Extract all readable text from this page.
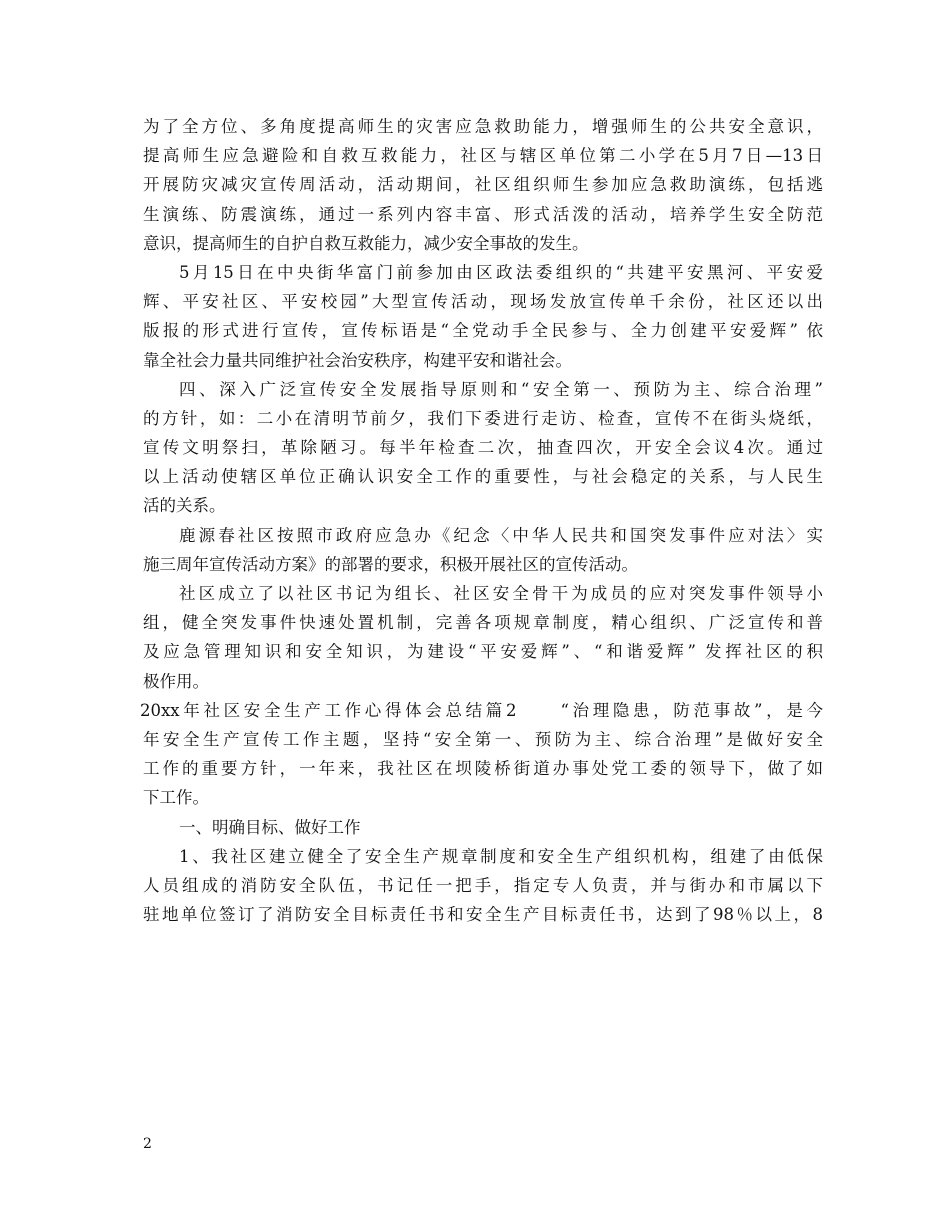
为了全方位、多角度提高师生的灾害应急救助能力，增强师生的公共安全意识，
提高师生应急避险和自救互救能力，社区与辖区单位第二小学在5月7日—13日
开展防灾减灾宣传周活动，活动期间，社区组织师生参加应急救助演练，包括逃
生演练、防震演练，通过一系列内容丰富、形式活泼的活动，培养学生安全防范
意识，提高师生的自护自救互救能力，减少安全事故的发生。
5月15日在中央街华富门前参加由区政法委组织的“共建平安黑河、平安爱
辉、平安社区、平安校园”大型宣传活动，现场发放宣传单千余份，社区还以出
版报的形式进行宣传，宣传标语是“全党动手全民参与、全力创建平安爱辉” 依
靠全社会力量共同维护社会治安秩序，构建平安和谐社会。
四、深入广泛宣传安全发展指导原则和“安全第一、预防为主、综合治理”
的方针，如：二小在清明节前夕，我们下委进行走访、检查，宣传不在街头烧纸，
宣传文明祭扫，革除陋习。每半年检查二次，抽查四次，开安全会议4次。通过
以上活动使辖区单位正确认识安全工作的重要性，与社会稳定的关系，与人民生
活的关系。
鹿源春社区按照市政府应急办《纪念〈中华人民共和国突发事件应对法〉实
施三周年宣传活动方案》的部署的要求，积极开展社区的宣传活动。
社区成立了以社区书记为组长、社区安全骨干为成员的应对突发事件领导小
组，健全突发事件快速处置机制，完善各项规章制度，精心组织、广泛宣传和普
及应急管理知识和安全知识，为建设“平安爱辉”、“和谐爱辉” 发挥社区的积
极作用。
20xx年社区安全生产工作心得体会总结篇2　　“治理隐患，防范事故”，是今
年安全生产宣传工作主题，坚持“安全第一、预防为主、综合治理”是做好安全
工作的重要方针，一年来，我社区在坝陵桥街道办事处党工委的领导下，做了如
下工作。
一、明确目标、做好工作
1、我社区建立健全了安全生产规章制度和安全生产组织机构，组建了由低保
人员组成的消防安全队伍，书记任一把手，指定专人负责，并与街办和市属以下
驻地单位签订了消防安全目标责任书和安全生产目标责任书，达到了98％以上，8
2
